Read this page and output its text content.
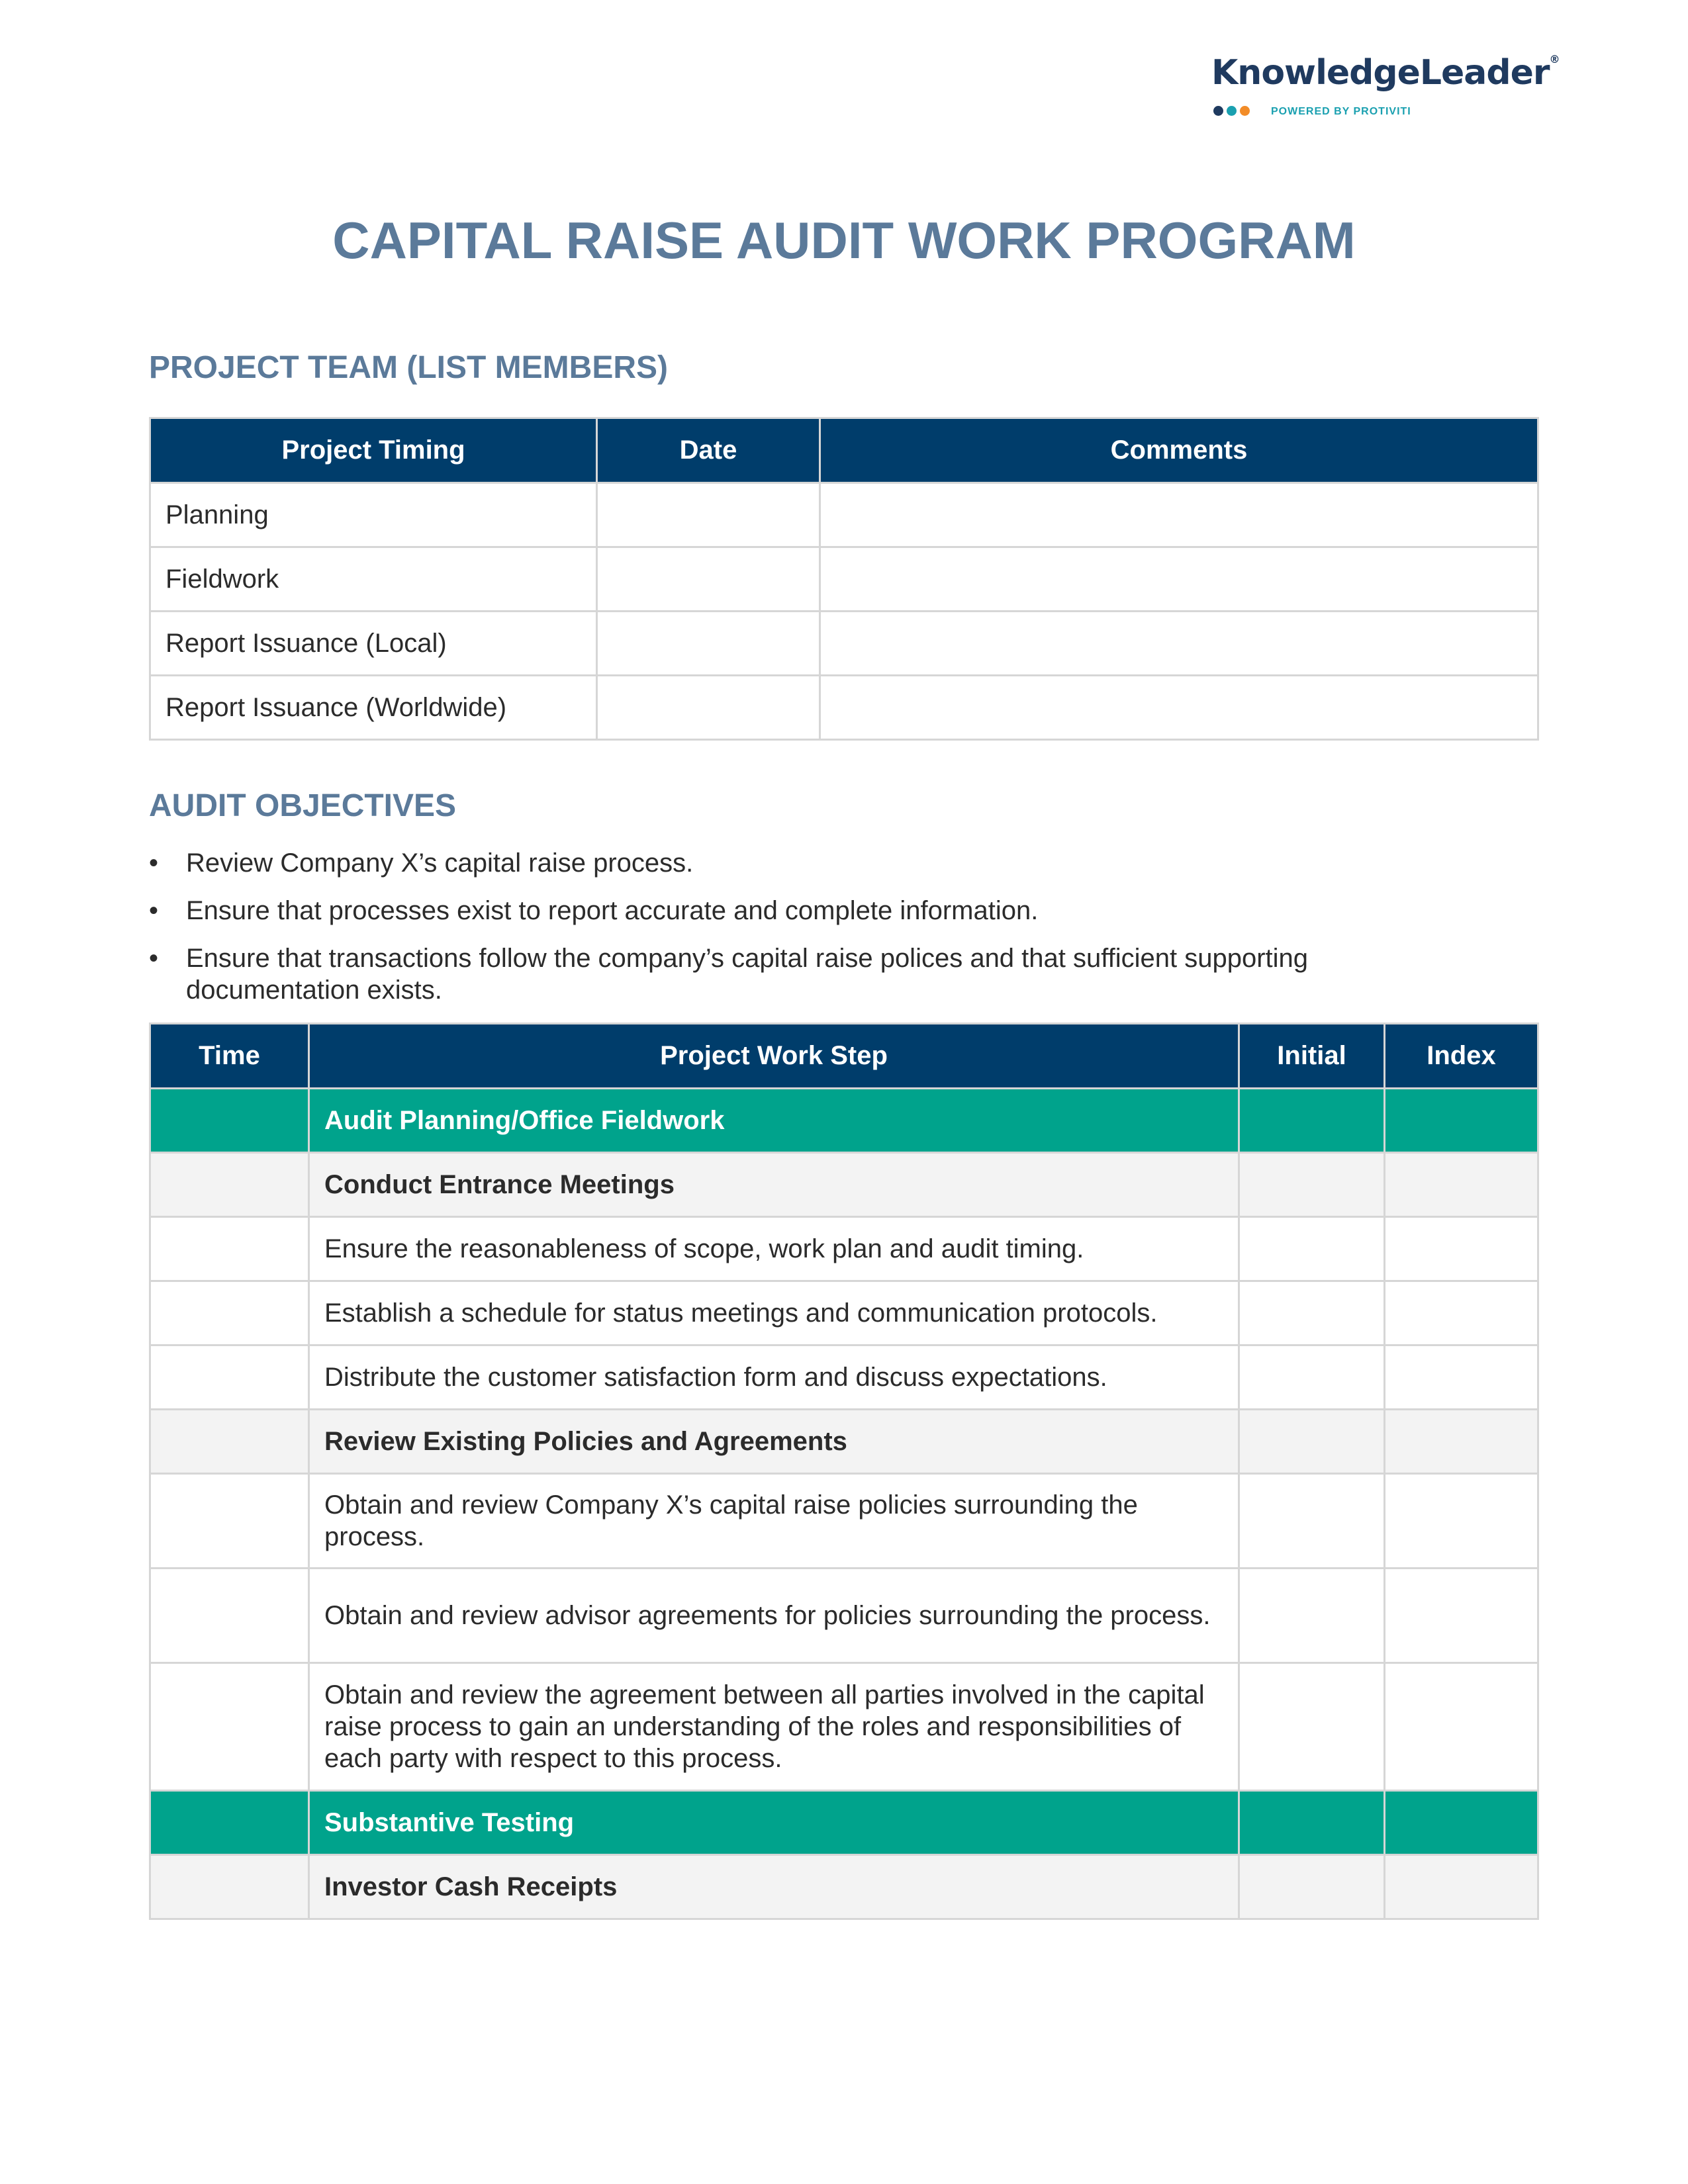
KnowledgeLeader®
POWERED BY PROTIVITI
CAPITAL RAISE AUDIT WORK PROGRAM
PROJECT TEAM (LIST MEMBERS)
Project Timing	Date	Comments
Planning		
Fieldwork		
Report Issuance (Local)		
Report Issuance (Worldwide)		
AUDIT OBJECTIVES
• Review Company X’s capital raise process.
• Ensure that processes exist to report accurate and complete information.
• Ensure that transactions follow the company’s capital raise polices and that sufficient supporting documentation exists.
Time	Project Work Step	Initial	Index
	Audit Planning/Office Fieldwork		
	Conduct Entrance Meetings		
	Ensure the reasonableness of scope, work plan and audit timing.		
	Establish a schedule for status meetings and communication protocols.		
	Distribute the customer satisfaction form and discuss expectations.		
	Review Existing Policies and Agreements		
	Obtain and review Company X’s capital raise policies surrounding the process.		
	Obtain and review advisor agreements for policies surrounding the process.		
	Obtain and review the agreement between all parties involved in the capital raise process to gain an understanding of the roles and responsibilities of each party with respect to this process.		
	Substantive Testing		
	Investor Cash Receipts		
